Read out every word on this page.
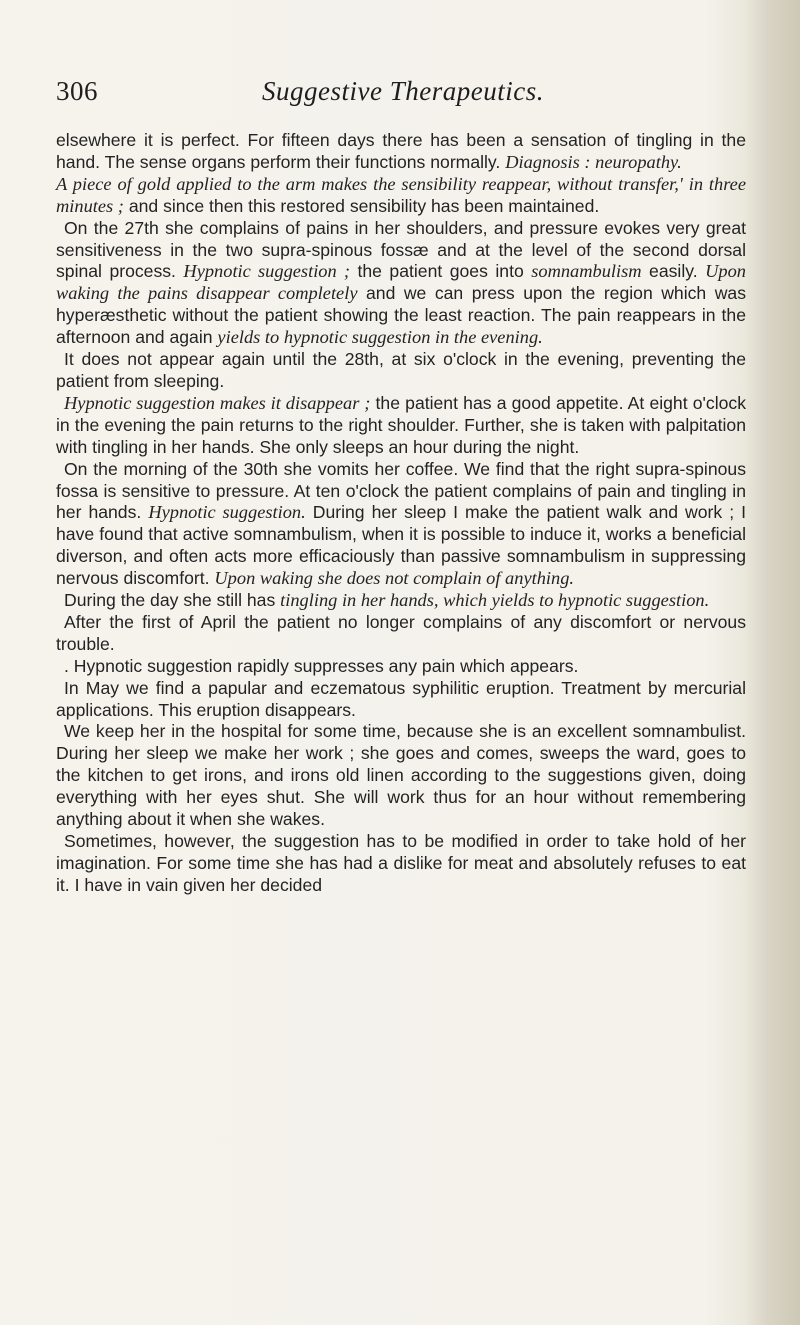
306	Suggestive Therapeutics.

elsewhere it is perfect. For fifteen days there has been a sensation of tingling in the hand. The sense organs perform their functions normally. Diagnosis : neuropathy.

A piece of gold applied to the arm makes the sensibility reappear, without transfer,' in three minutes ; and since then this restored sensibility has been maintained.

On the 27th she complains of pains in her shoulders, and pressure evokes very great sensitiveness in the two supra-spinous fossæ and at the level of the second dorsal spinal process. Hypnotic suggestion ; the patient goes into somnambulism easily. Upon waking the pains disappear completely and we can press upon the region which was hyperæsthetic without the patient showing the least reaction. The pain reappears in the afternoon and again yields to hypnotic suggestion in the evening.

It does not appear again until the 28th, at six o'clock in the evening, preventing the patient from sleeping.

Hypnotic suggestion makes it disappear ; the patient has a good appetite. At eight o'clock in the evening the pain returns to the right shoulder. Further, she is taken with palpitation with tingling in her hands. She only sleeps an hour during the night.

On the morning of the 30th she vomits her coffee. We find that the right supra-spinous fossa is sensitive to pressure. At ten o'clock the patient complains of pain and tingling in her hands. Hypnotic suggestion. During her sleep I make the patient walk and work ; I have found that active somnambulism, when it is possible to induce it, works a beneficial diverson, and often acts more efficaciously than passive somnambulism in suppressing nervous discomfort. Upon waking she does not complain of anything.

During the day she still has tingling in her hands, which yields to hypnotic suggestion.

After the first of April the patient no longer complains of any discomfort or nervous trouble.

. Hypnotic suggestion rapidly suppresses any pain which appears.

In May we find a papular and eczematous syphilitic eruption. Treatment by mercurial applications. This eruption disappears.

We keep her in the hospital for some time, because she is an excellent somnambulist. During her sleep we make her work ; she goes and comes, sweeps the ward, goes to the kitchen to get irons, and irons old linen according to the suggestions given, doing everything with her eyes shut. She will work thus for an hour without remembering anything about it when she wakes.

Sometimes, however, the suggestion has to be modified in order to take hold of her imagination. For some time she has had a dislike for meat and absolutely refuses to eat it. I have in vain given her decided
